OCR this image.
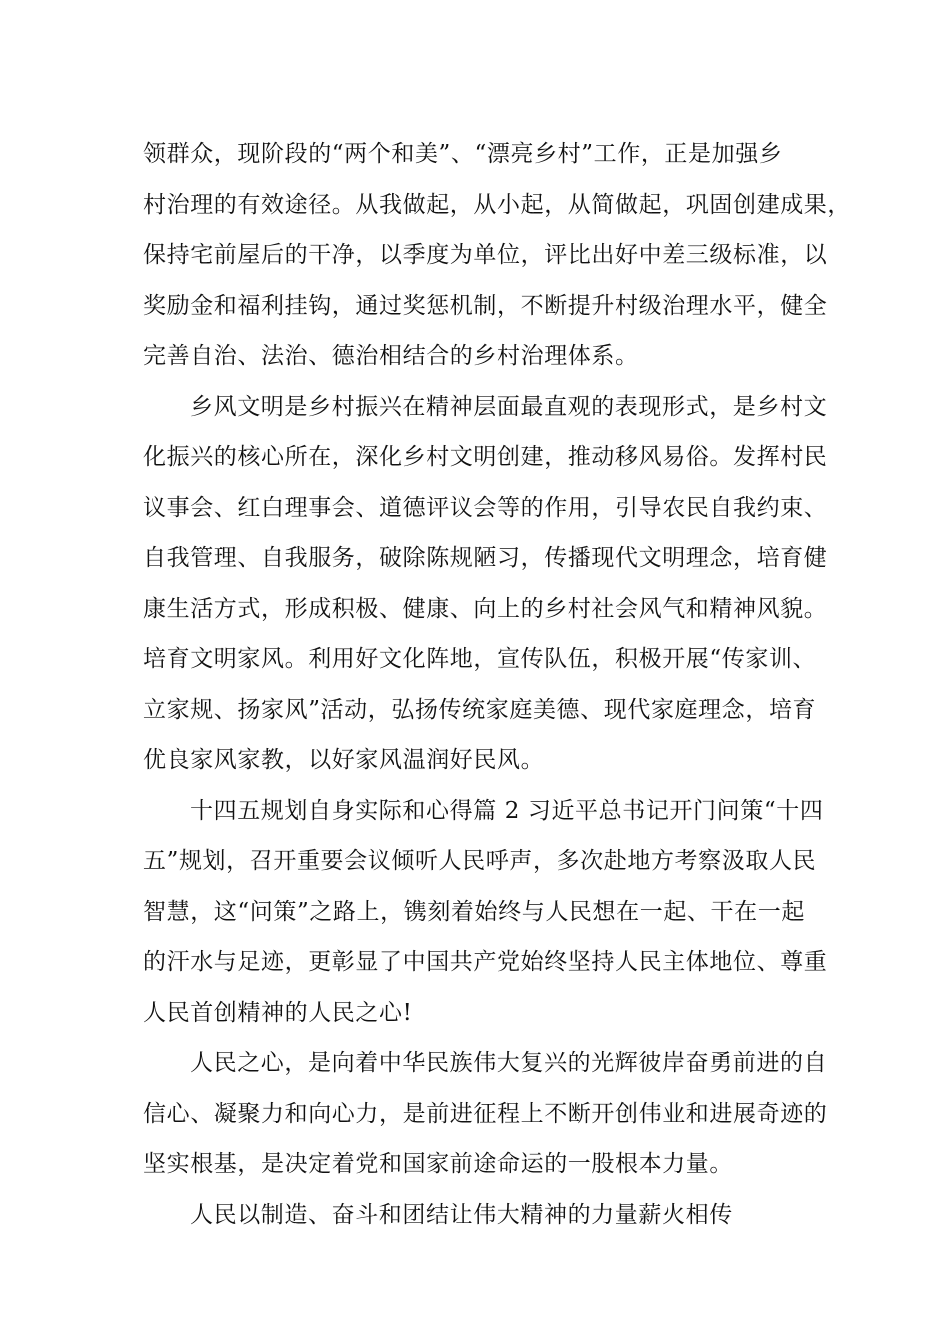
领群众，现阶段的“两个和美”、“漂亮乡村”工作，正是加强乡
村治理的有效途径。从我做起，从小起，从简做起，巩固创建成果，
保持宅前屋后的干净，以季度为单位，评比出好中差三级标准，以
奖励金和福利挂钩，通过奖惩机制，不断提升村级治理水平，健全
完善自治、法治、德治相结合的乡村治理体系。
乡风文明是乡村振兴在精神层面最直观的表现形式，是乡村文
化振兴的核心所在，深化乡村文明创建，推动移风易俗。发挥村民
议事会、红白理事会、道德评议会等的作用，引导农民自我约束、
自我管理、自我服务，破除陈规陋习，传播现代文明理念，培育健
康生活方式，形成积极、健康、向上的乡村社会风气和精神风貌。
培育文明家风。利用好文化阵地，宣传队伍，积极开展“传家训、
立家规、扬家风”活动，弘扬传统家庭美德、现代家庭理念，培育
优良家风家教，以好家风温润好民风。
十四五规划自身实际和心得篇 2 习近平总书记开门问策“十四
五”规划，召开重要会议倾听人民呼声，多次赴地方考察汲取人民
智慧，这“问策”之路上，镌刻着始终与人民想在一起、干在一起
的汗水与足迹，更彰显了中国共产党始终坚持人民主体地位、尊重
人民首创精神的人民之心!
人民之心，是向着中华民族伟大复兴的光辉彼岸奋勇前进的自
信心、凝聚力和向心力，是前进征程上不断开创伟业和进展奇迹的
坚实根基，是决定着党和国家前途命运的一股根本力量。
人民以制造、奋斗和团结让伟大精神的力量薪火相传
